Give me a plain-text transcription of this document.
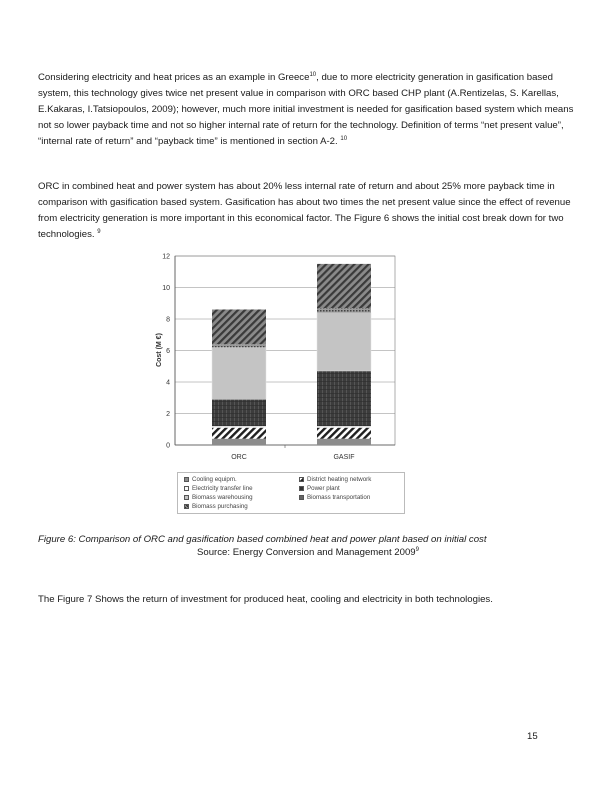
Considering electricity and heat prices as an example in Greece$^{10}$, due to more electricity generation in gasification based system, this technology gives twice net present value in comparison with ORC based CHP plant (A.Rentizelas, S. Karellas, E.Kakaras, I.Tatsiopoulos, 2009); however, much more initial investment is needed for gasification based system which means not so lower payback time and not so higher internal rate of return for the technology. Definition of terms “net present value”, “internal rate of return” and “payback time” is mentioned in section A-2. $^{10}$

ORC in combined heat and power system has about 20% less internal rate of return and about 25% more payback time in comparison with gasification based system. Gasification has about two times the net present value since the effect of revenue from electricity generation is more important in this economical factor. The Figure 6 shows the initial cost break down for two technologies. $^9$

0
2
4
6
8
10
12
Cost (M €)
ORC	GASIF
Cooling equipm.	District heating network
Electricity transfer line	Power plant
Biomass warehousing	Biomass transportation
Biomass purchasing
Figure 6: Comparison of ORC and gasification based combined heat and power plant based on initial cost
Source: Energy Conversion and Management 2009$^9$

The Figure 7 Shows the return of investment for produced heat, cooling and electricity in both technologies.

15
